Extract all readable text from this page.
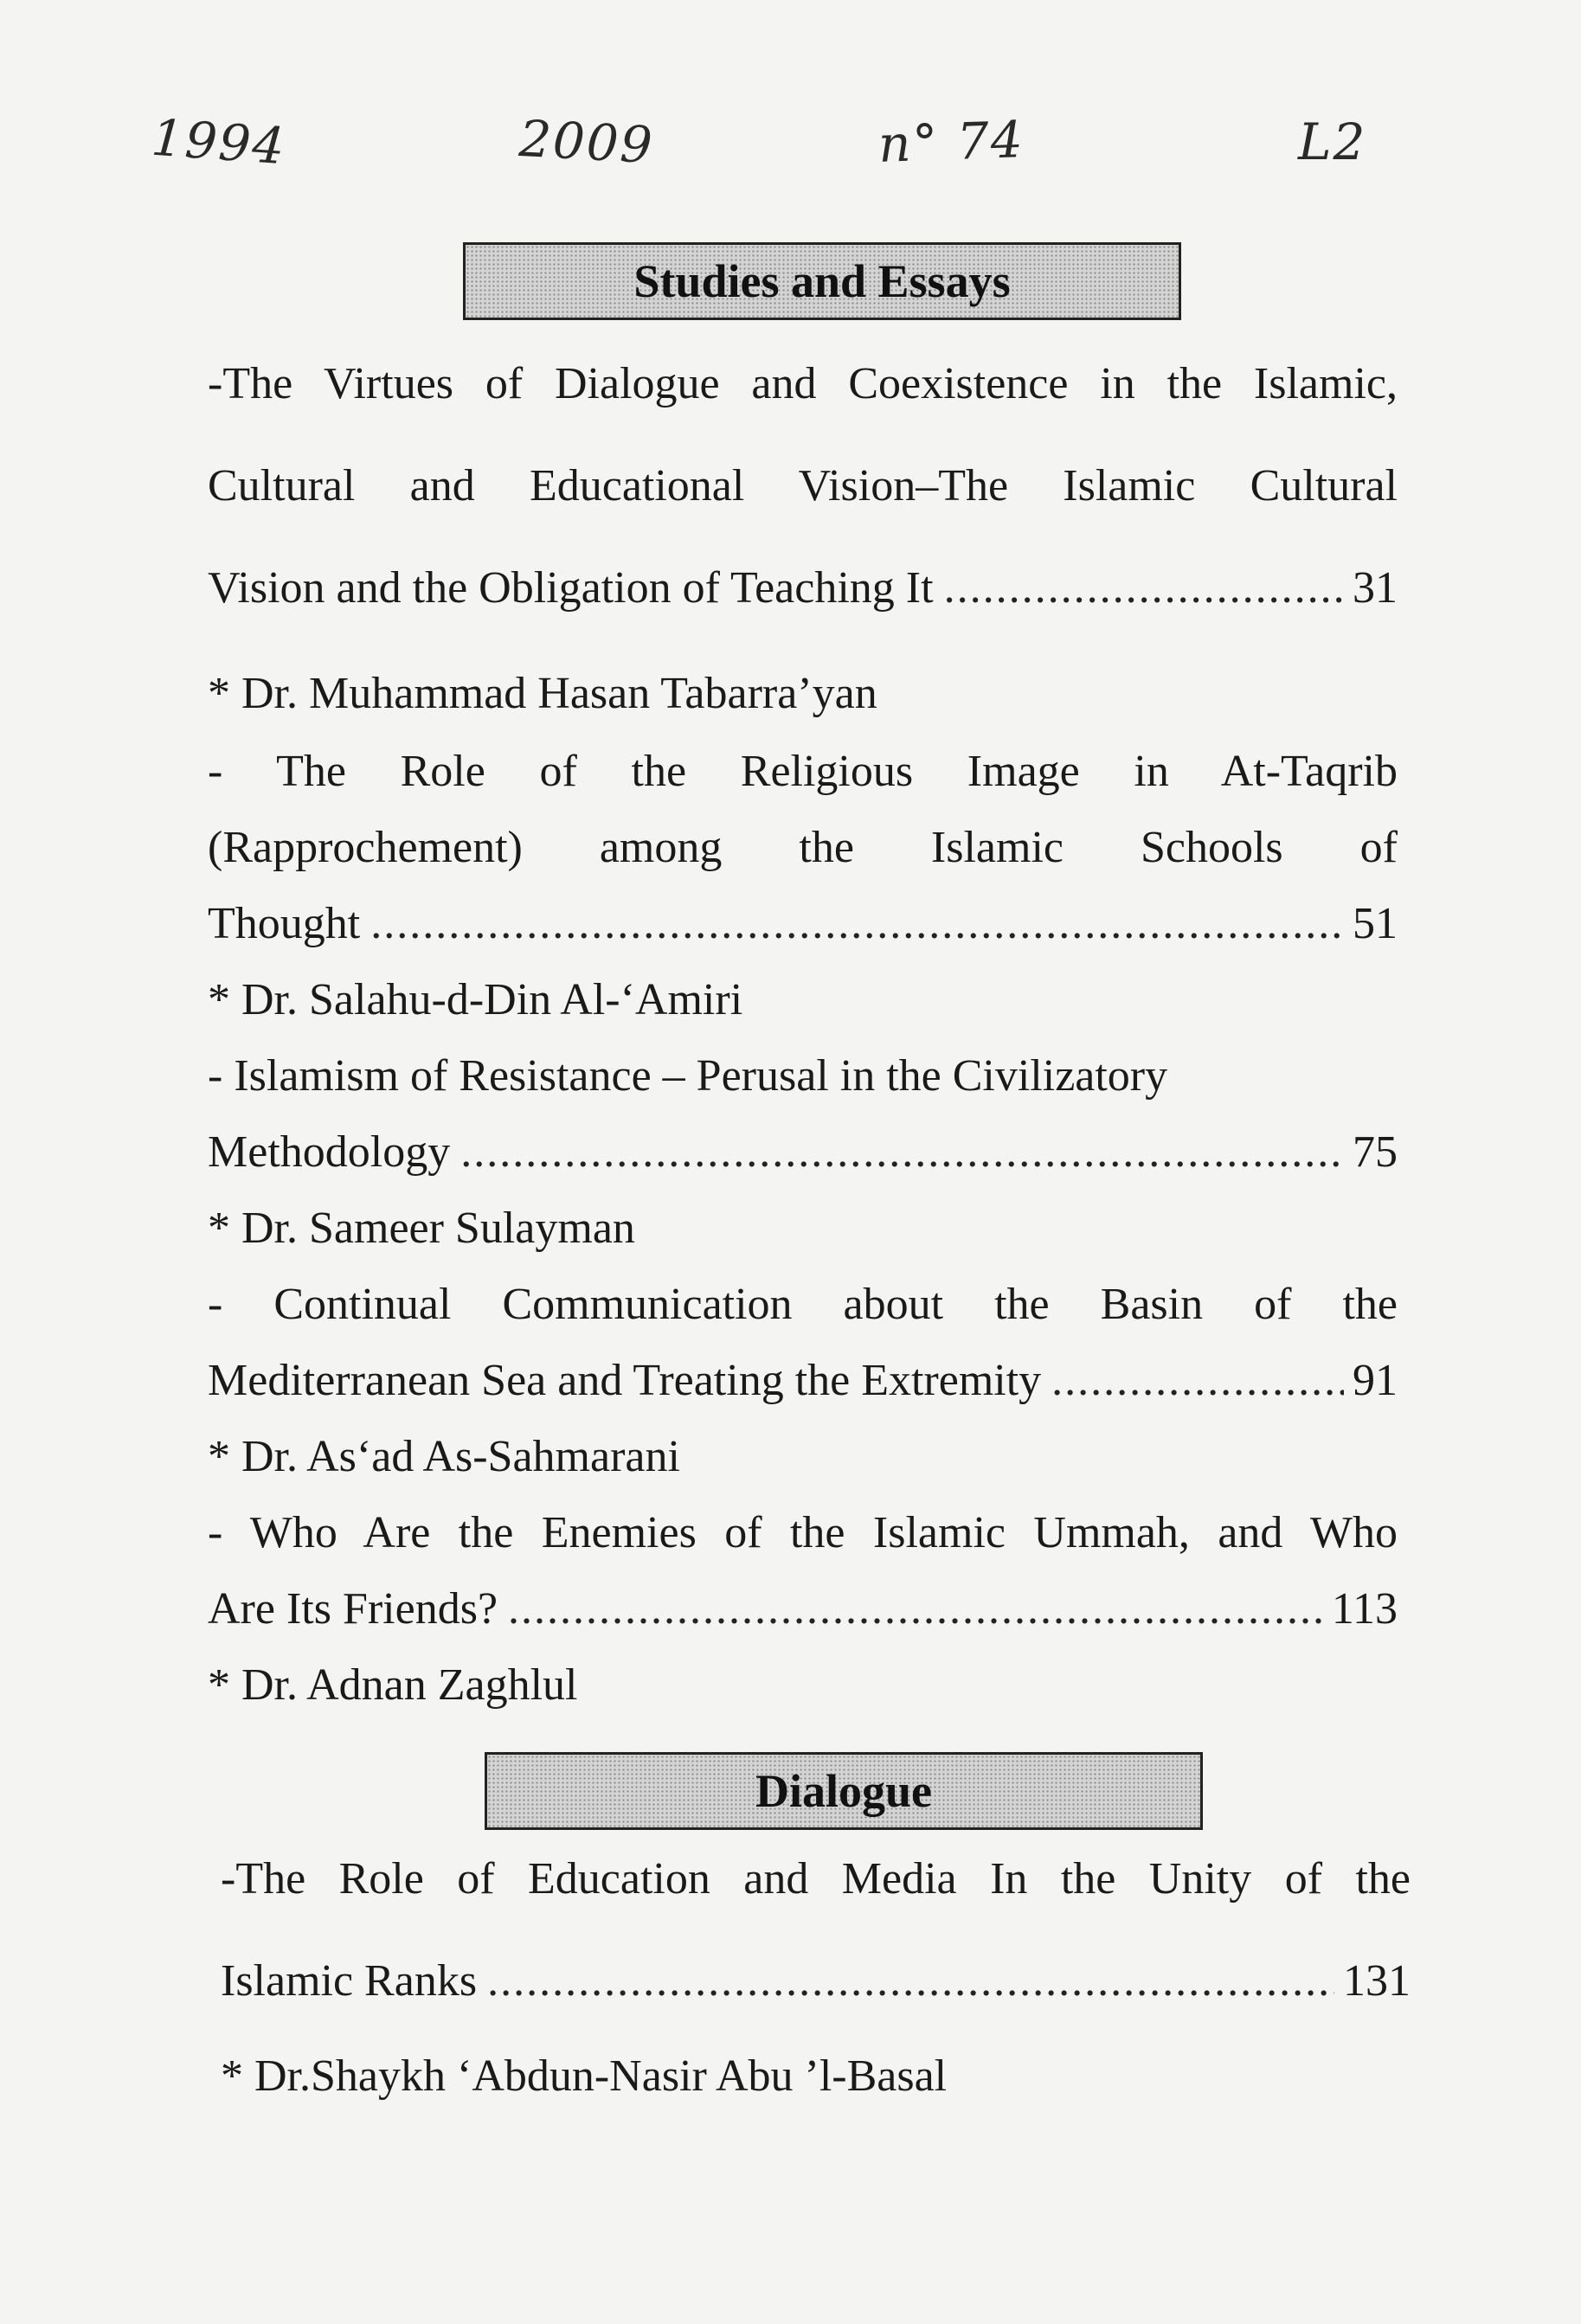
1994	2009	n° 74	L2
Studies and Essays
-The Virtues of Dialogue and Coexistence in the Islamic,
Cultural and Educational Vision–The Islamic Cultural
Vision and the Obligation of Teaching It .....	31
* Dr. Muhammad Hasan Tabarra’yan
- The Role of the Religious Image in At-Taqrib
(Rapprochement) among the Islamic Schools of
Thought .....	51
* Dr. Salahu-d-Din Al-‘Amiri
- Islamism of Resistance – Perusal in the Civilizatory
Methodology .....	75
* Dr. Sameer Sulayman
- Continual Communication about the Basin of the
Mediterranean Sea and Treating the Extremity .....	91
* Dr. As‘ad As-Sahmarani
- Who Are the Enemies of the Islamic Ummah, and Who
Are Its Friends? .....	113
* Dr. Adnan Zaghlul
Dialogue
-The Role of Education and Media In the Unity of the
Islamic Ranks .....	131
* Dr.Shaykh ‘Abdun-Nasir Abu ’l-Basal
